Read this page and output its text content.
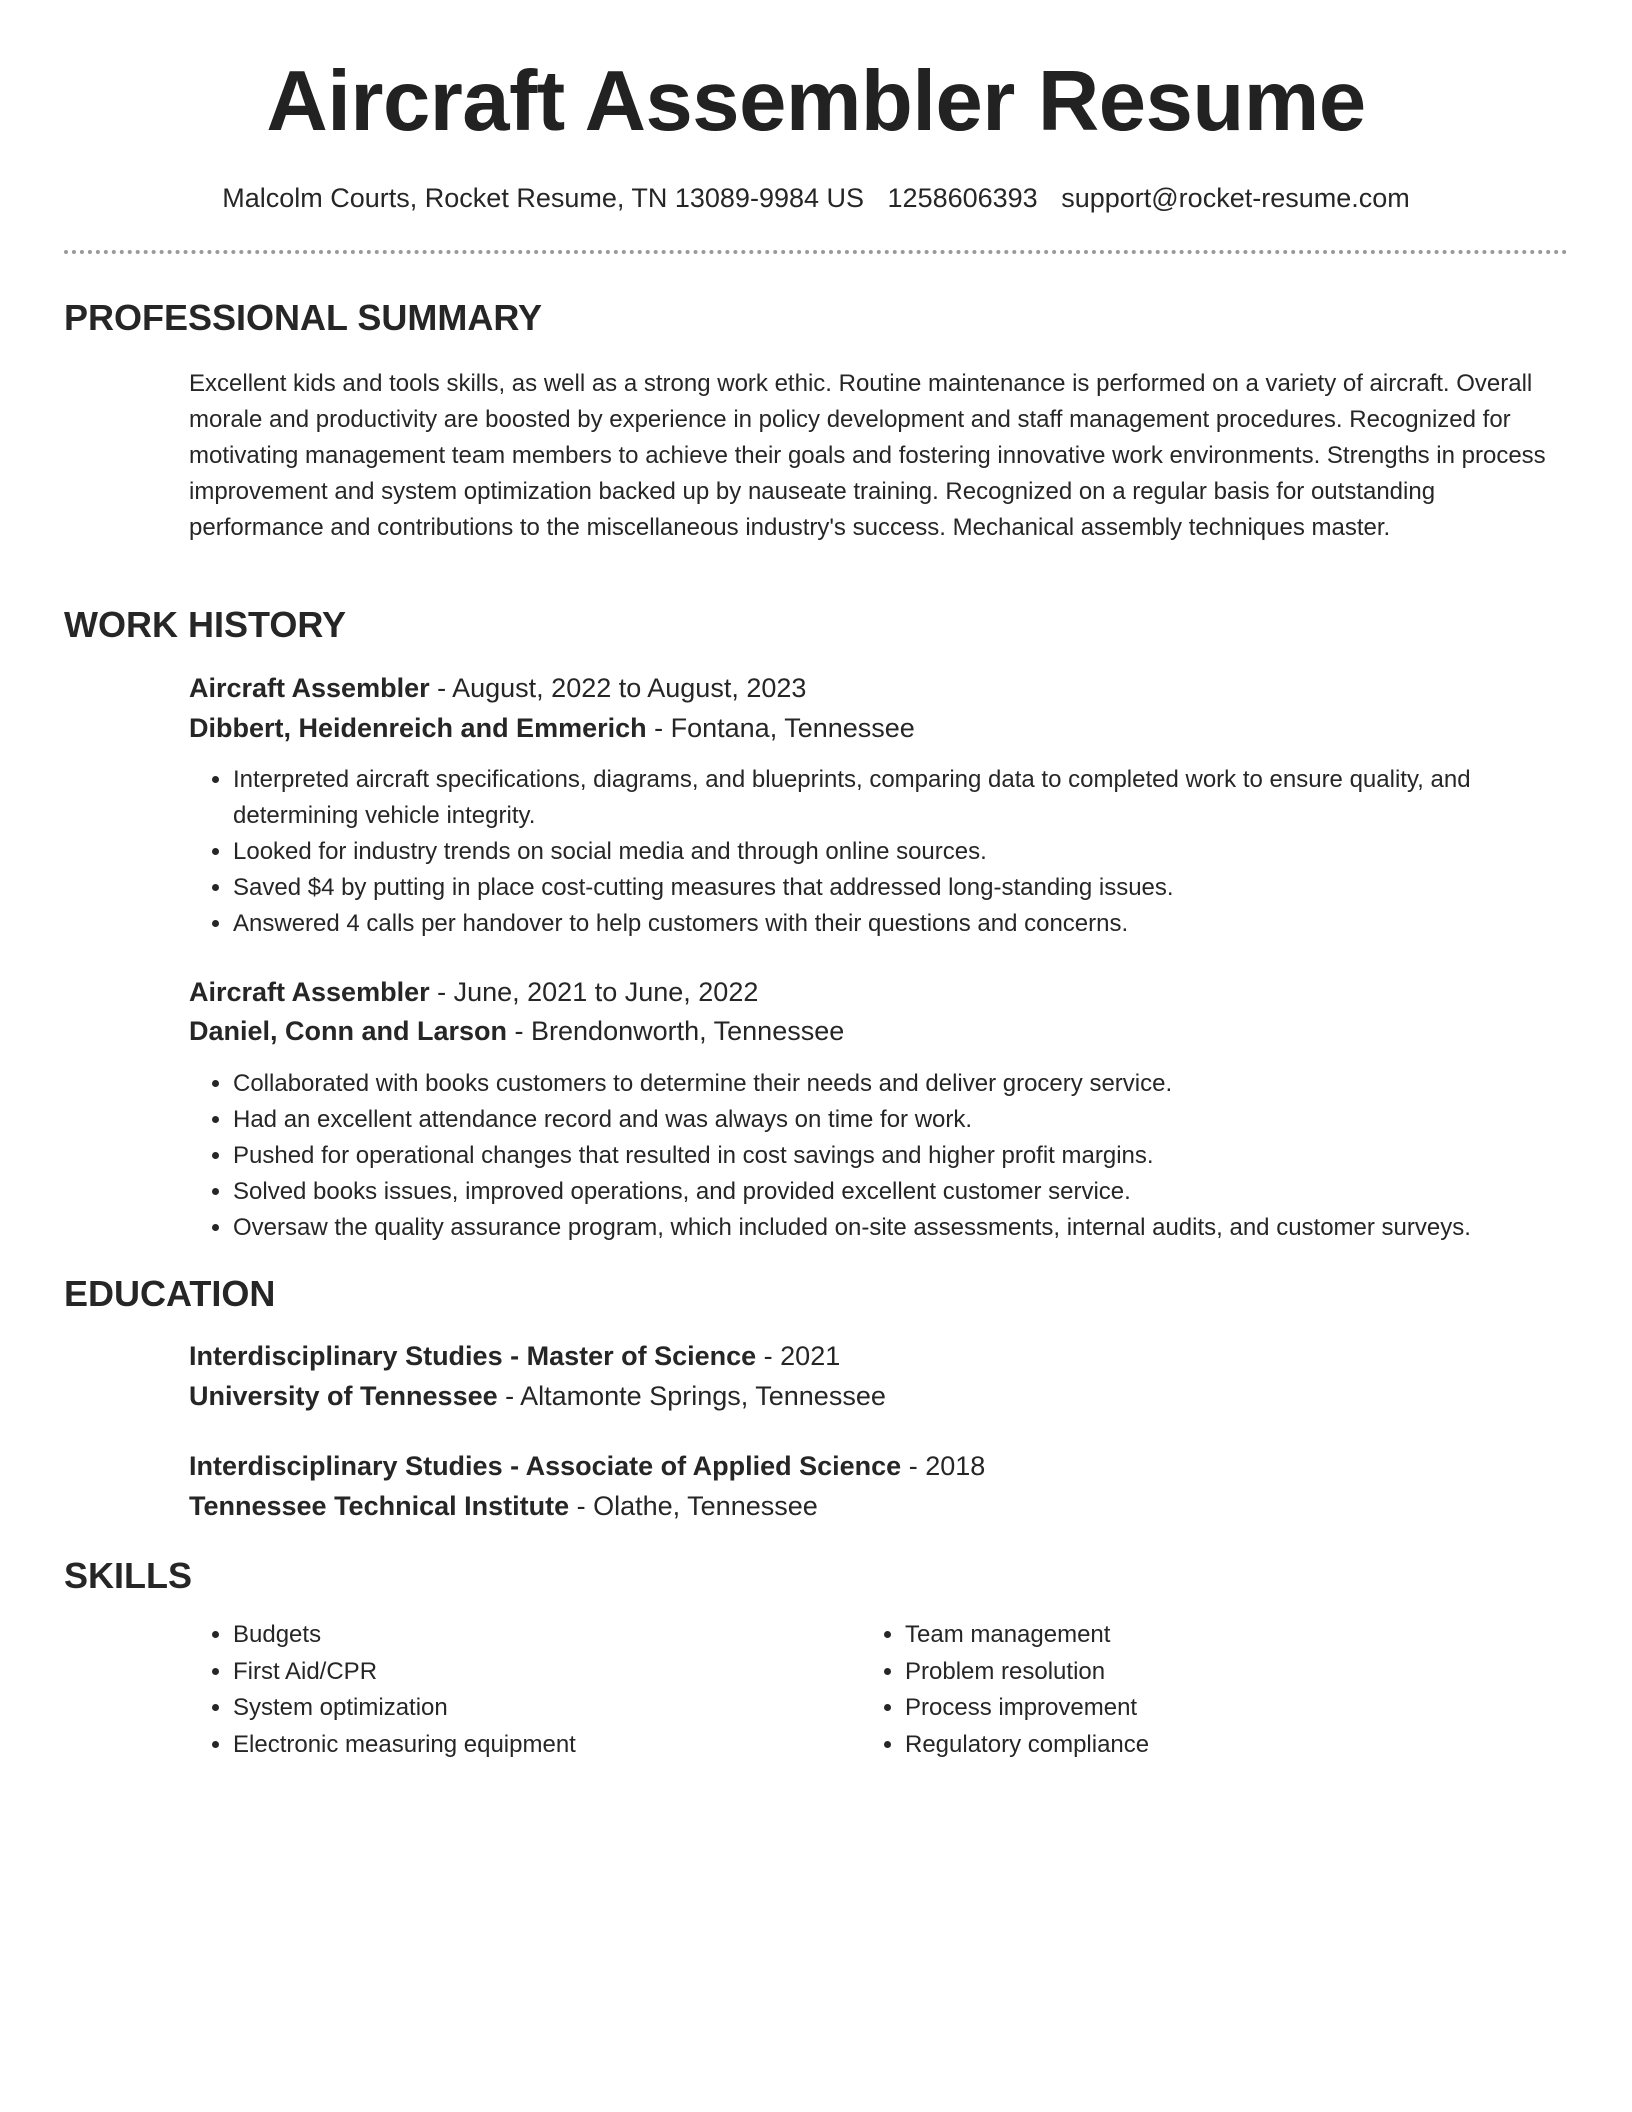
Aircraft Assembler Resume
Malcolm Courts, Rocket Resume, TN 13089-9984 US 1258606393 support@rocket-resume.com
PROFESSIONAL SUMMARY

Excellent kids and tools skills, as well as a strong work ethic. Routine maintenance is performed on a variety of aircraft. Overall morale and productivity are boosted by experience in policy development and staff management procedures. Recognized for motivating management team members to achieve their goals and fostering innovative work environments. Strengths in process improvement and system optimization backed up by nauseate training. Recognized on a regular basis for outstanding performance and contributions to the miscellaneous industry's success. Mechanical assembly techniques master.

WORK HISTORY
Aircraft Assembler - August, 2022 to August, 2023
Dibbert, Heidenreich and Emmerich - Fontana, Tennessee
• Interpreted aircraft specifications, diagrams, and blueprints, comparing data to completed work to ensure quality, and determining vehicle integrity.
• Looked for industry trends on social media and through online sources.
• Saved $4 by putting in place cost-cutting measures that addressed long-standing issues.
• Answered 4 calls per handover to help customers with their questions and concerns.
Aircraft Assembler - June, 2021 to June, 2022
Daniel, Conn and Larson - Brendonworth, Tennessee
• Collaborated with books customers to determine their needs and deliver grocery service.
• Had an excellent attendance record and was always on time for work.
• Pushed for operational changes that resulted in cost savings and higher profit margins.
• Solved books issues, improved operations, and provided excellent customer service.
• Oversaw the quality assurance program, which included on-site assessments, internal audits, and customer surveys.
EDUCATION
Interdisciplinary Studies - Master of Science - 2021
University of Tennessee - Altamonte Springs, Tennessee
Interdisciplinary Studies - Associate of Applied Science - 2018
Tennessee Technical Institute - Olathe, Tennessee
SKILLS
• Budgets
• First Aid/CPR
• System optimization
• Electronic measuring equipment
• Team management
• Problem resolution
• Process improvement
• Regulatory compliance
